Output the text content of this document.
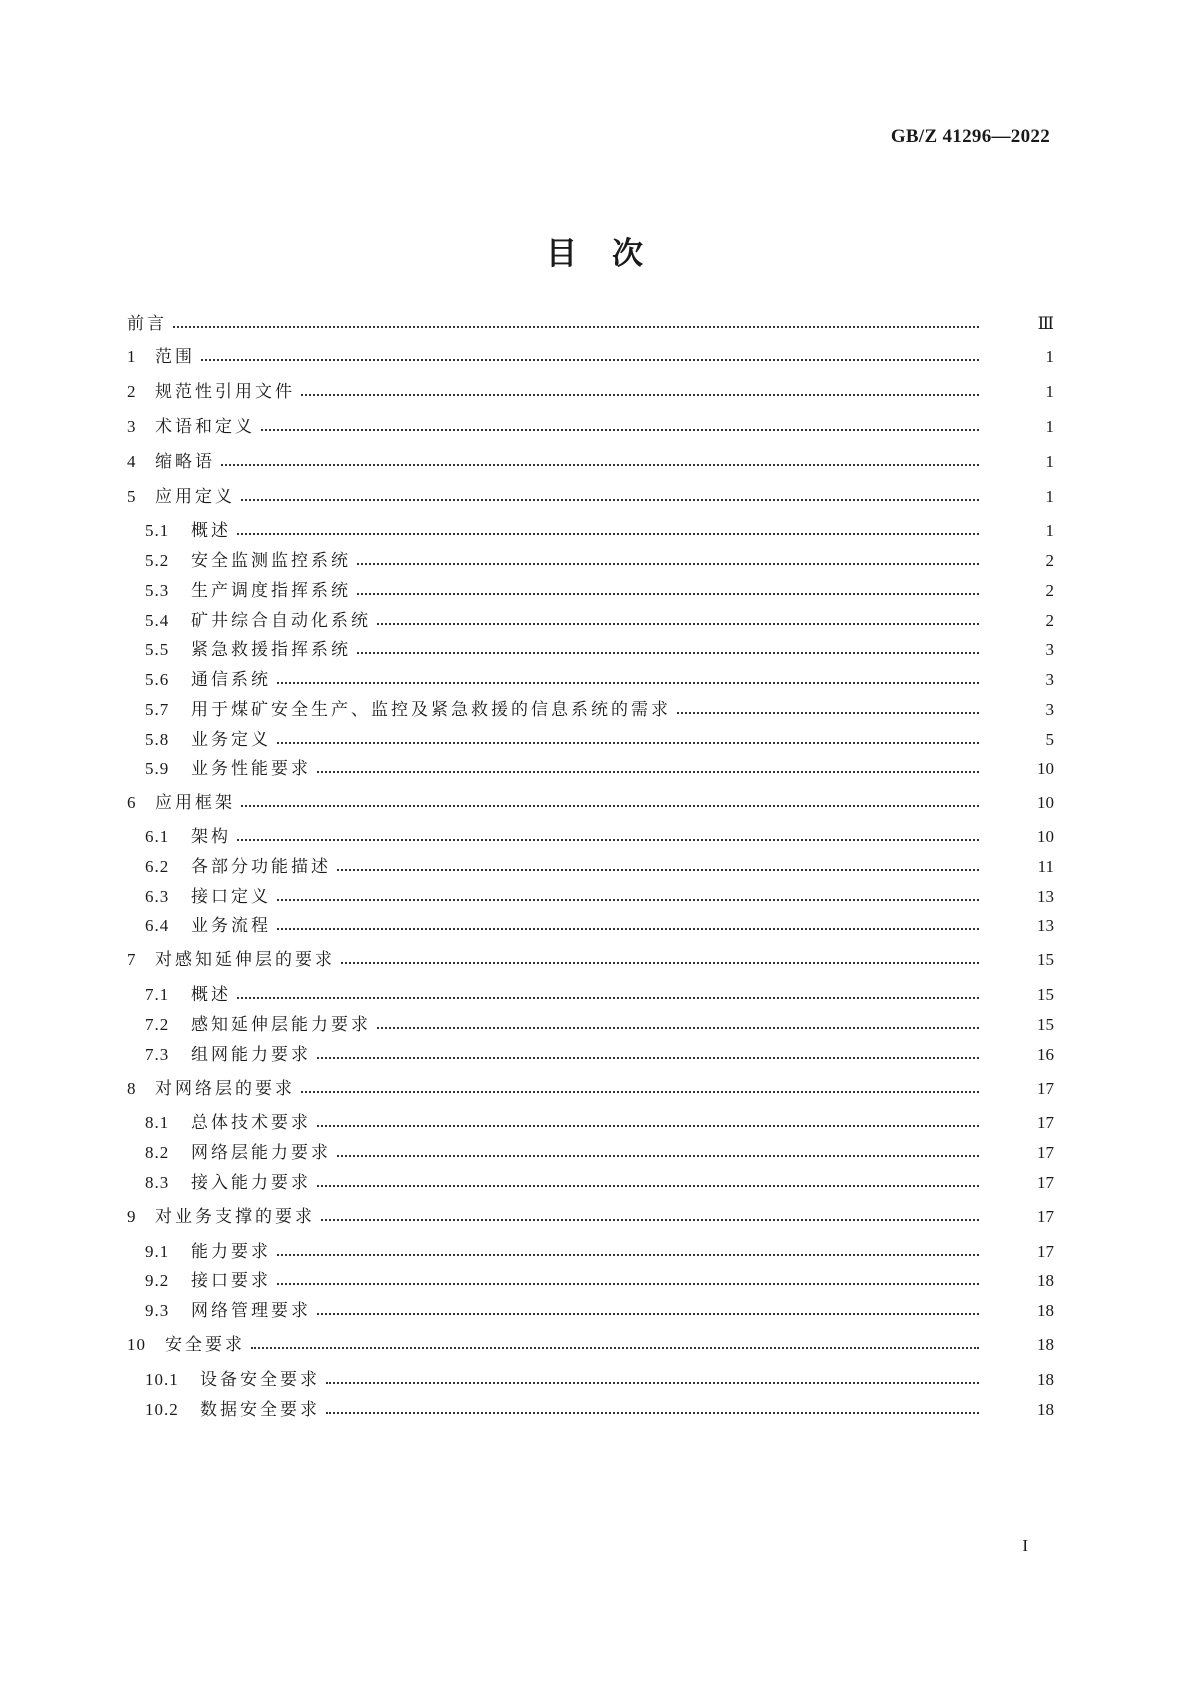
GB/Z 41296—2022
目　次
前言	Ⅲ
1 范围	1
2 规范性引用文件	1
3 术语和定义	1
4 缩略语	1
5 应用定义	1
5.1 概述	1
5.2 安全监测监控系统	2
5.3 生产调度指挥系统	2
5.4 矿井综合自动化系统	2
5.5 紧急救援指挥系统	3
5.6 通信系统	3
5.7 用于煤矿安全生产、监控及紧急救援的信息系统的需求	3
5.8 业务定义	5
5.9 业务性能要求	10
6 应用框架	10
6.1 架构	10
6.2 各部分功能描述	11
6.3 接口定义	13
6.4 业务流程	13
7 对感知延伸层的要求	15
7.1 概述	15
7.2 感知延伸层能力要求	15
7.3 组网能力要求	16
8 对网络层的要求	17
8.1 总体技术要求	17
8.2 网络层能力要求	17
8.3 接入能力要求	17
9 对业务支撑的要求	17
9.1 能力要求	17
9.2 接口要求	18
9.3 网络管理要求	18
10 安全要求	18
10.1 设备安全要求	18
10.2 数据安全要求	18
I
